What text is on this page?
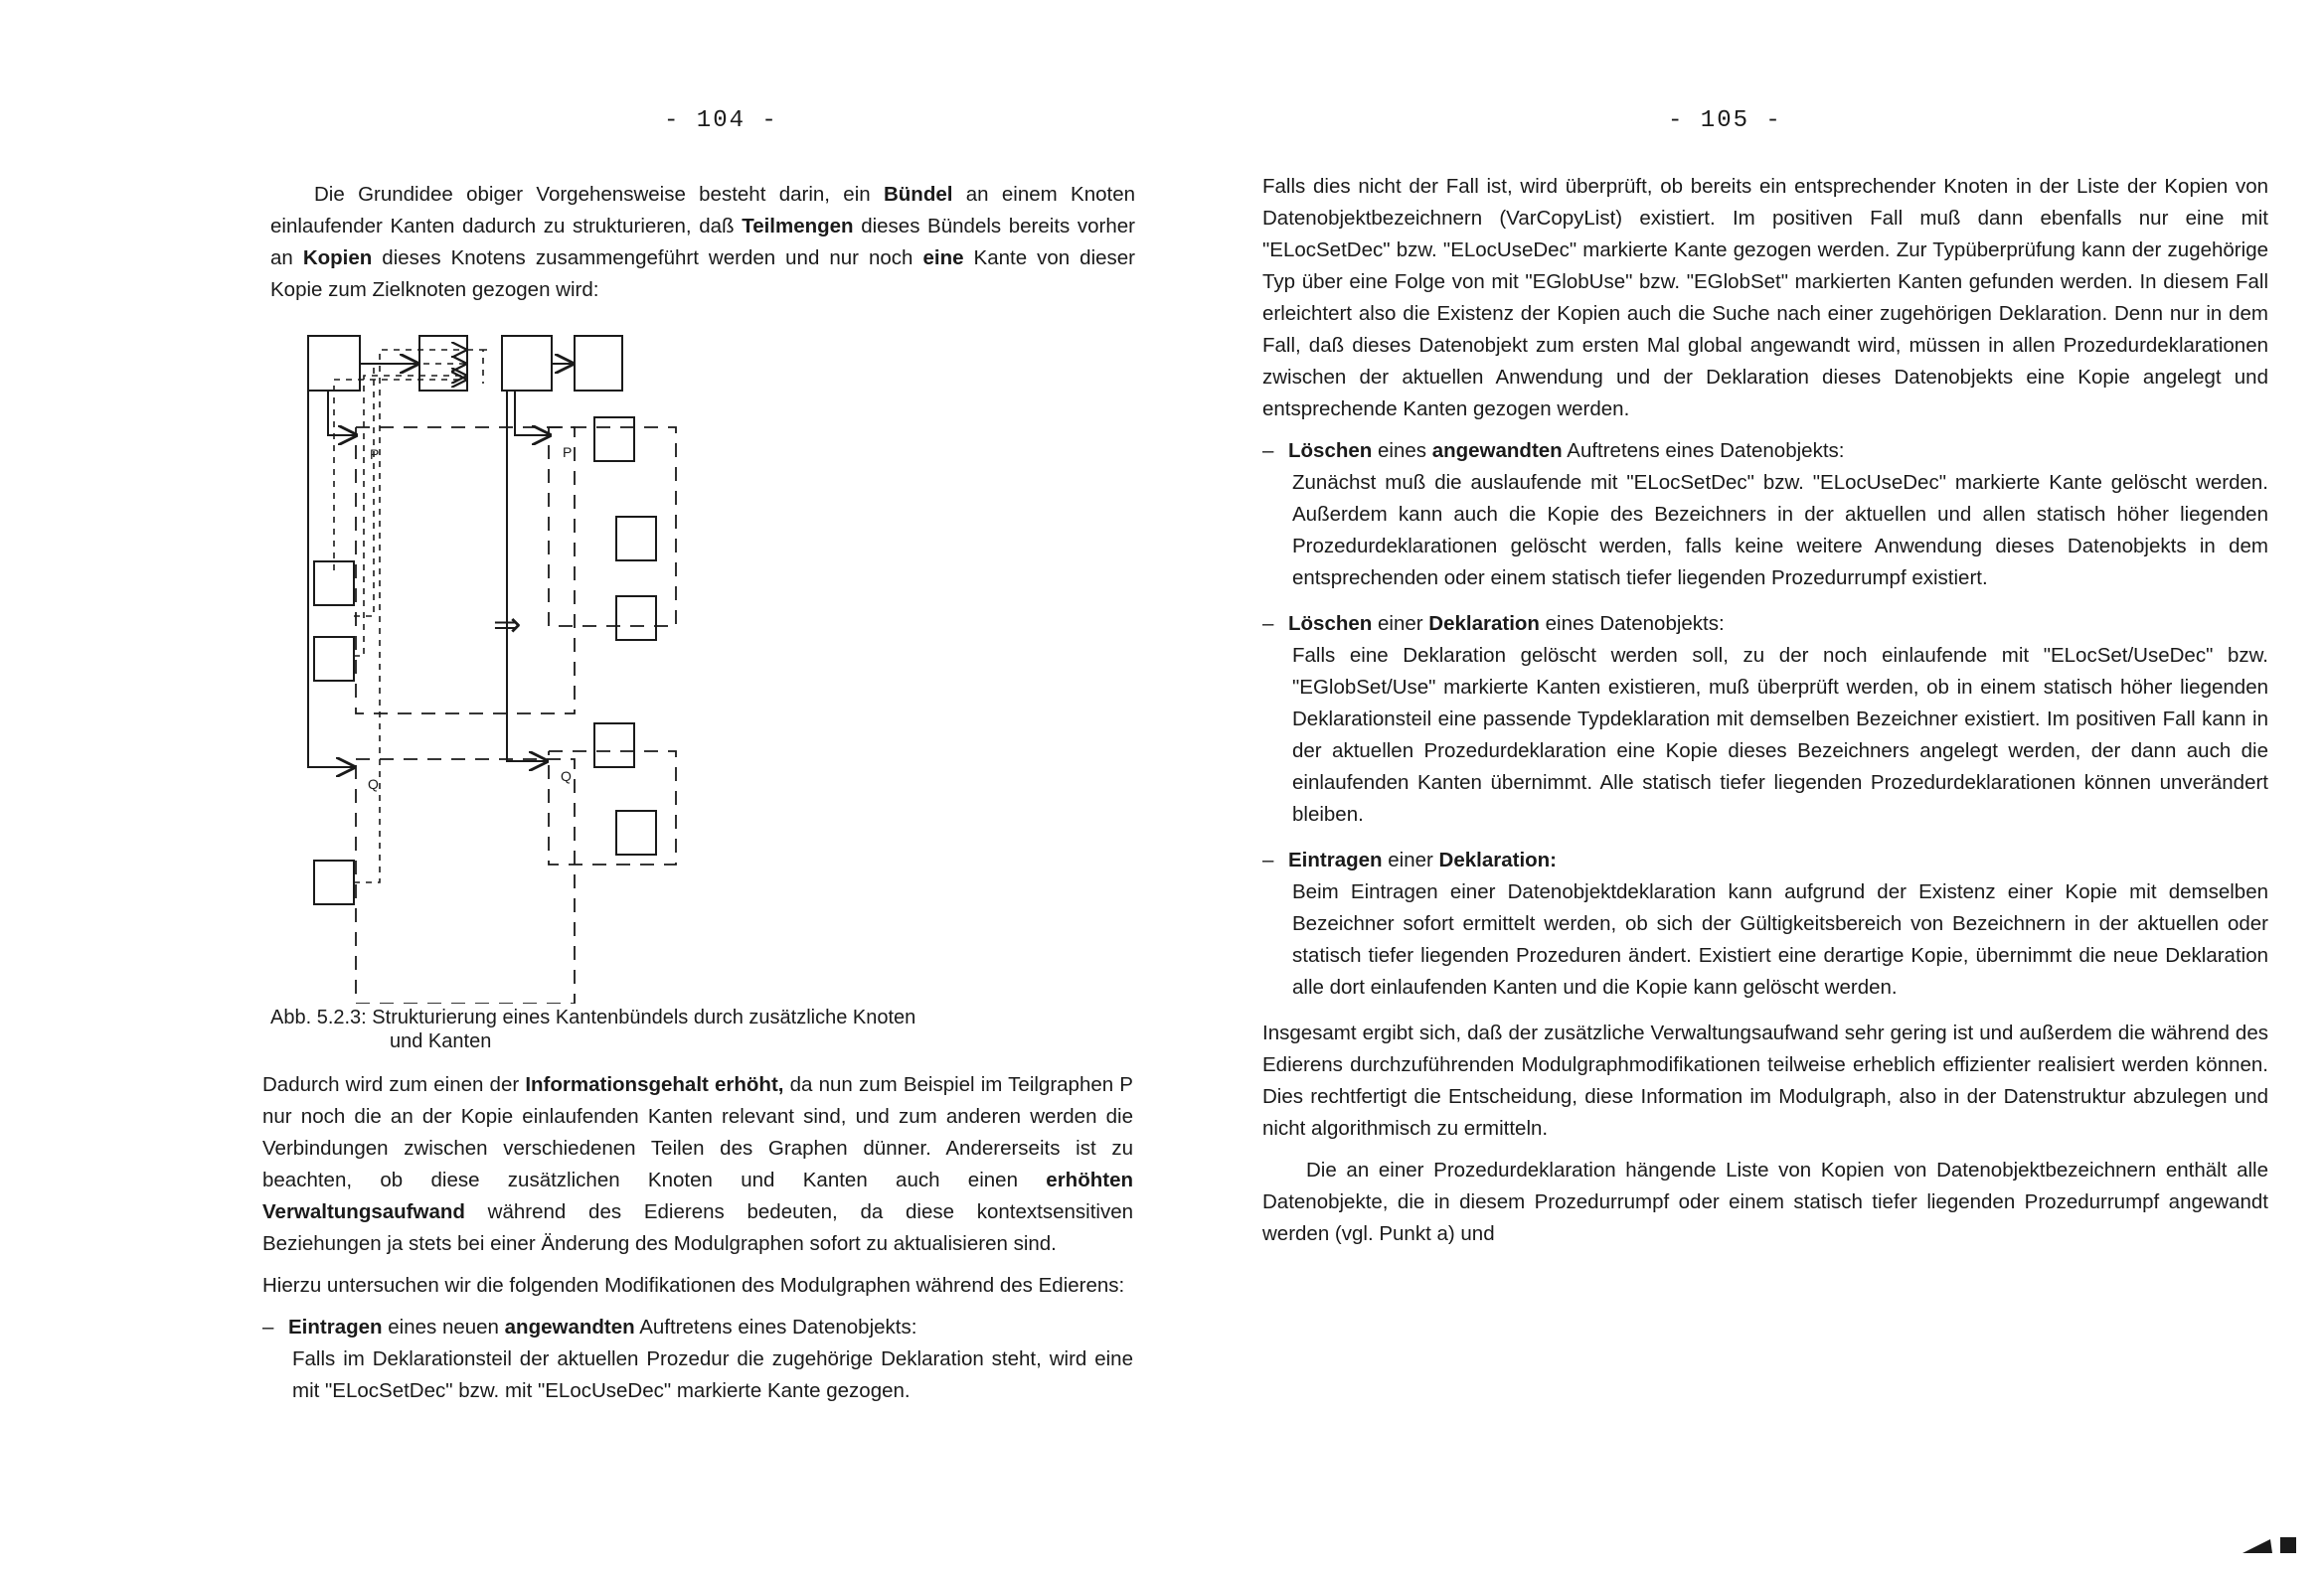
- 104 -

Die Grundidee obiger Vorgehensweise besteht darin, ein Bündel an einem Knoten einlaufender Kanten dadurch zu strukturieren, daß Teilmengen dieses Bündels bereits vorher an Kopien dieses Knotens zusammengeführt werden und nur noch eine Kante von dieser Kopie zum Zielknoten gezogen wird:

P
Q
P
Q
⇒
Abb. 5.2.3: Strukturierung eines Kantenbündels durch zusätzliche Knoten
und Kanten

Dadurch wird zum einen der Informationsgehalt erhöht, da nun zum Beispiel im Teilgraphen P nur noch die an der Kopie einlaufenden Kanten relevant sind, und zum anderen werden die Verbindungen zwischen verschiedenen Teilen des Graphen dünner. Andererseits ist zu beachten, ob diese zusätzlichen Knoten und Kanten auch einen erhöhten Verwaltungsaufwand während des Edierens bedeuten, da diese kontextsensitiven Beziehungen ja stets bei einer Änderung des Modulgraphen sofort zu aktualisieren sind.

Hierzu untersuchen wir die folgenden Modifikationen des Modulgraphen während des Edierens:

– Eintragen eines neuen angewandten Auftretens eines Datenobjekts:
Falls im Deklarationsteil der aktuellen Prozedur die zugehörige Deklaration steht, wird eine mit "ELocSetDec" bzw. mit "ELocUseDec" markierte Kante gezogen.
- 105 -

Falls dies nicht der Fall ist, wird überprüft, ob bereits ein entsprechender Knoten in der Liste der Kopien von Datenobjektbezeichnern (VarCopyList) existiert. Im positiven Fall muß dann ebenfalls nur eine mit "ELocSetDec" bzw. "ELocUseDec" markierte Kante gezogen werden. Zur Typüberprüfung kann der zugehörige Typ über eine Folge von mit "EGlobUse" bzw. "EGlobSet" markierten Kanten gefunden werden. In diesem Fall erleichtert also die Existenz der Kopien auch die Suche nach einer zugehörigen Deklaration. Denn nur in dem Fall, daß dieses Datenobjekt zum ersten Mal global angewandt wird, müssen in allen Prozedurdeklarationen zwischen der aktuellen Anwendung und der Deklaration dieses Datenobjekts eine Kopie angelegt und entsprechende Kanten gezogen werden.

– Löschen eines angewandten Auftretens eines Datenobjekts:
Zunächst muß die auslaufende mit "ELocSetDec" bzw. "ELocUseDec" markierte Kante gelöscht werden. Außerdem kann auch die Kopie des Bezeichners in der aktuellen und allen statisch höher liegenden Prozedurdeklarationen gelöscht werden, falls keine weitere Anwendung dieses Datenobjekts in dem entsprechenden oder einem statisch tiefer liegenden Prozedurrumpf existiert.
– Löschen einer Deklaration eines Datenobjekts:
Falls eine Deklaration gelöscht werden soll, zu der noch einlaufende mit "ELocSet/UseDec" bzw. "EGlobSet/Use" markierte Kanten existieren, muß überprüft werden, ob in einem statisch höher liegenden Deklarationsteil eine passende Typdeklaration mit demselben Bezeichner existiert. Im positiven Fall kann in der aktuellen Prozedurdeklaration eine Kopie dieses Bezeichners angelegt werden, der dann auch die einlaufenden Kanten übernimmt. Alle statisch tiefer liegenden Prozedurdeklarationen können unverändert bleiben.
– Eintragen einer Deklaration:
Beim Eintragen einer Datenobjektdeklaration kann aufgrund der Existenz einer Kopie mit demselben Bezeichner sofort ermittelt werden, ob sich der Gültigkeitsbereich von Bezeichnern in der aktuellen oder statisch tiefer liegenden Prozeduren ändert. Existiert eine derartige Kopie, übernimmt die neue Deklaration alle dort einlaufenden Kanten und die Kopie kann gelöscht werden.

Insgesamt ergibt sich, daß der zusätzliche Verwaltungsaufwand sehr gering ist und außerdem die während des Edierens durchzuführenden Modulgraphmodifikationen teilweise erheblich effizienter realisiert werden können. Dies rechtfertigt die Entscheidung, diese Information im Modulgraph, also in der Datenstruktur abzulegen und nicht algorithmisch zu ermitteln.

Die an einer Prozedurdeklaration hängende Liste von Kopien von Datenobjektbezeichnern enthält alle Datenobjekte, die in diesem Prozedurrumpf oder einem statisch tiefer liegenden Prozedurrumpf angewandt werden (vgl. Punkt a) und
